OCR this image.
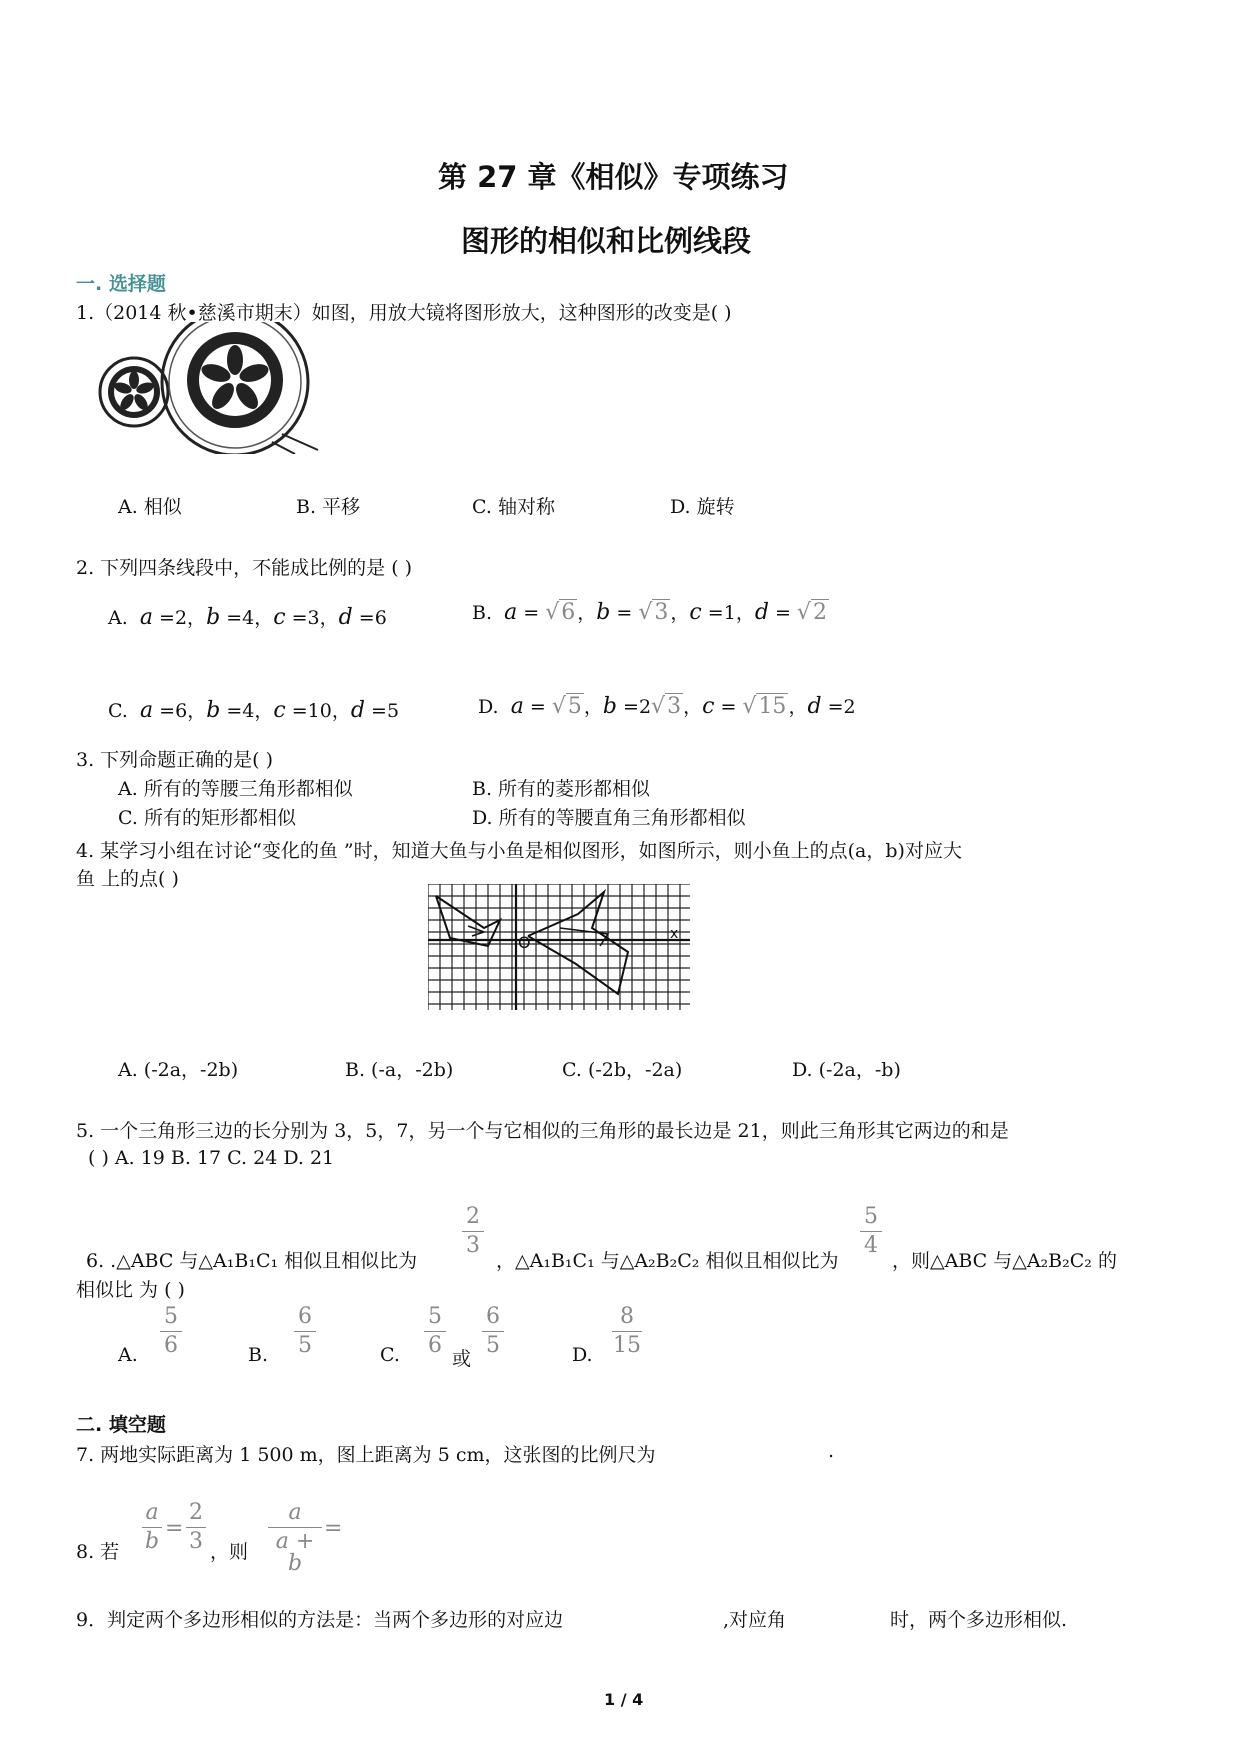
第 27 章《相似》专项练习
图形的相似和比例线段
一. 选择题
1.（2014 秋•慈溪市期末）如图，用放大镜将图形放大，这种图形的改变是( )
A. 相似	B. 平移	C. 轴对称	D. 旋转
2. 下列四条线段中，不能成比例的是 ( )
A. a =2，b =4，c =3，d =6	B. a = √6 ，b = √3 ，c =1，d = √2
C. a =6，b =4，c =10，d =5	D. a = √5 ，b =2√3 ，c = √15 ，d =2
3. 下列命题正确的是( )
A. 所有的等腰三角形都相似	B. 所有的菱形都相似
C. 所有的矩形都相似	D. 所有的等腰直角三角形都相似
4. 某学习小组在讨论“变化的鱼 ”时，知道大鱼与小鱼是相似图形，如图所示，则小鱼上的点(a，b)对应大
鱼 上的点( )
O	x
A. (-2a，-2b)	B. (-a，-2b)	C. (-2b，-2a)	D. (-2a，-b)
5. 一个三角形三边的长分别为 3，5，7，另一个与它相似的三角形的最长边是 21，则此三角形其它两边的和是
( ) A. 19 B. 17 C. 24 D. 21
6. .△ABC 与△A₁B₁C₁ 相似且相似比为
2
3
，△A₁B₁C₁ 与△A₂B₂C₂ 相似且相似比为
5
4
，则△ABC 与△A₂B₂C₂ 的
相似比 为 ( )
A.
5
6	B.
6
5	C.
5
6
或
6
5	D.
8
15
二. 填空题
7. 两地实际距离为 1 500 m，图上距离为 5 cm，这张图的比例尺为	.
8. 若
a
b
=
2
3 ，则
a
a + b
=
9．判定两个多边形相似的方法是：当两个多边形的对应边	,对应角	时，两个多边形相似.
1 / 4
